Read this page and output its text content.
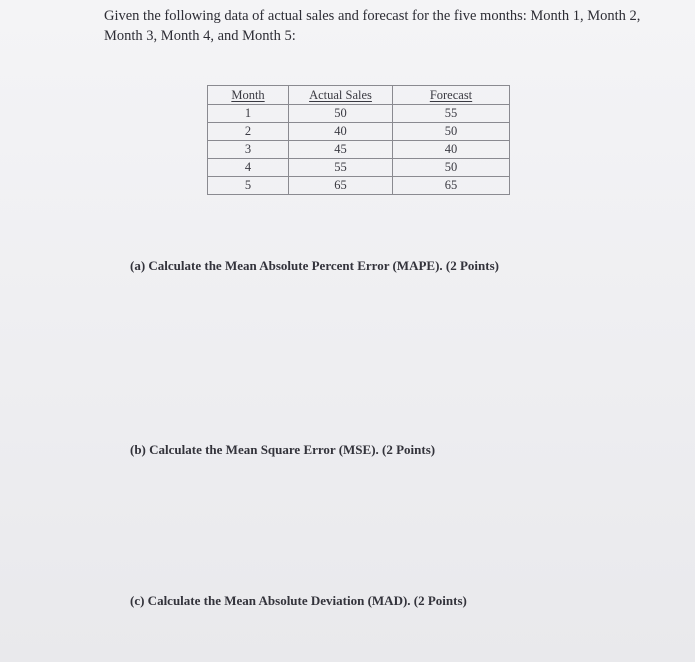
Given the following data of actual sales and forecast for the five months: Month 1, Month 2, Month 3, Month 4, and Month 5:

Month	Actual Sales	Forecast
1	50	55
2	40	50
3	45	40
4	55	50
5	65	65

(a) Calculate the Mean Absolute Percent Error (MAPE). (2 Points)

(b) Calculate the Mean Square Error (MSE). (2 Points)

(c) Calculate the Mean Absolute Deviation (MAD). (2 Points)
